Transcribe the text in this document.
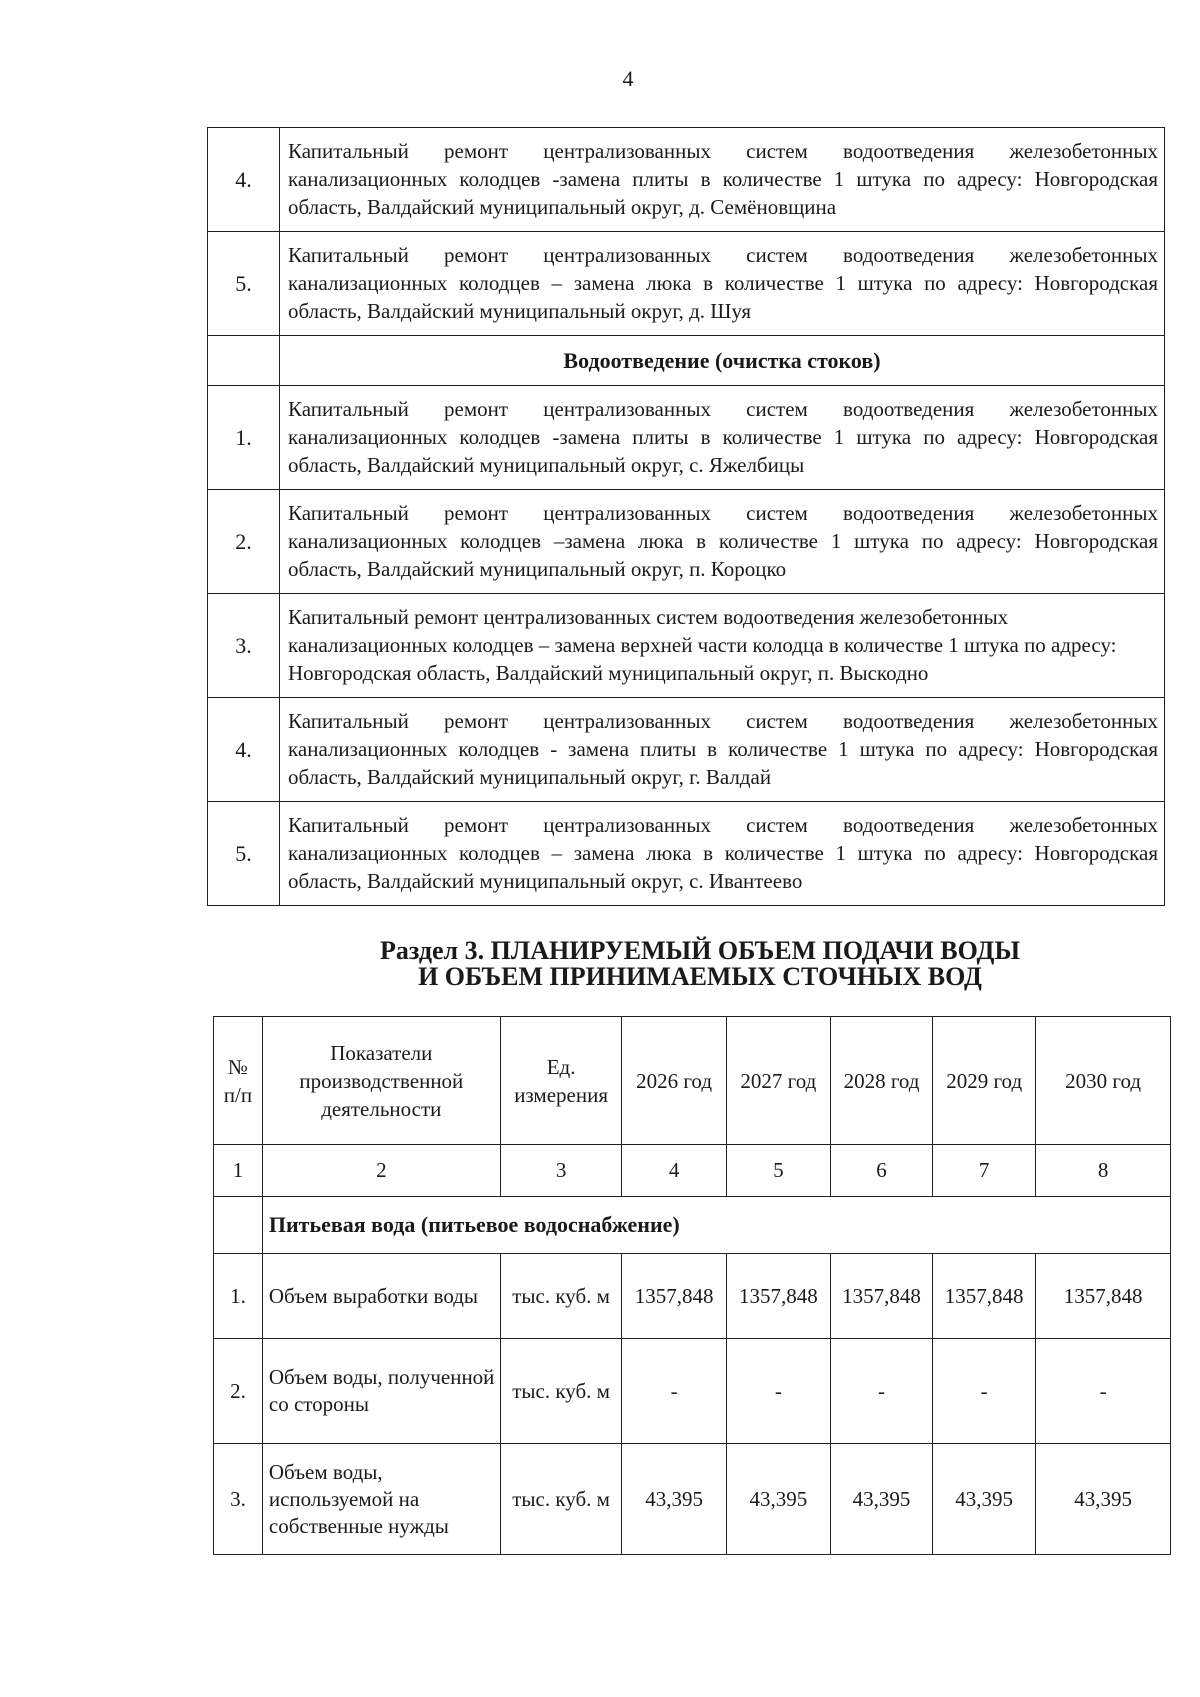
4
4.	Капитальный ремонт централизованных систем водоотведения железобетонных канализационных колодцев -замена плиты в количестве 1 штука по адресу: Новгородская область, Валдайский муниципальный округ, д. Семёновщина
5.	Капитальный ремонт централизованных систем водоотведения железобетонных канализационных колодцев – замена люка в количестве 1 штука по адресу: Новгородская область, Валдайский муниципальный округ, д. Шуя
	Водоотведение (очистка стоков)
1.	Капитальный ремонт централизованных систем водоотведения железобетонных канализационных колодцев -замена плиты в количестве 1 штука по адресу: Новгородская область, Валдайский муниципальный округ, с. Яжелбицы
2.	Капитальный ремонт централизованных систем водоотведения железобетонных канализационных колодцев –замена люка в количестве 1 штука по адресу: Новгородская область, Валдайский муниципальный округ, п. Короцко
3.	Капитальный ремонт централизованных систем водоотведения железобетонных канализационных колодцев – замена верхней части колодца в количестве 1 штука по адресу: Новгородская область, Валдайский муниципальный округ, п. Выскодно
4.	Капитальный ремонт централизованных систем водоотведения железобетонных канализационных колодцев - замена плиты в количестве 1 штука по адресу: Новгородская область, Валдайский муниципальный округ, г. Валдай
5.	Капитальный ремонт централизованных систем водоотведения железобетонных канализационных колодцев – замена люка в количестве 1 штука по адресу: Новгородская область, Валдайский муниципальный округ, с. Ивантеево
Раздел 3. ПЛАНИРУЕМЫЙ ОБЪЕМ ПОДАЧИ ВОДЫ
И ОБЪЕМ ПРИНИМАЕМЫХ СТОЧНЫХ ВОД
№ п/п	Показатели производственной деятельности	Ед. измерения	2026 год	2027 год	2028 год	2029 год	2030 год
1	2	3	4	5	6	7	8
	Питьевая вода (питьевое водоснабжение)						
1.	Объем выработки воды	тыс. куб. м	1357,848	1357,848	1357,848	1357,848	1357,848
2.	Объем воды, полученной со стороны	тыс. куб. м	-	-	-	-	-
3.	Объем воды, используемой на собственные нужды	тыс. куб. м	43,395	43,395	43,395	43,395	43,395
